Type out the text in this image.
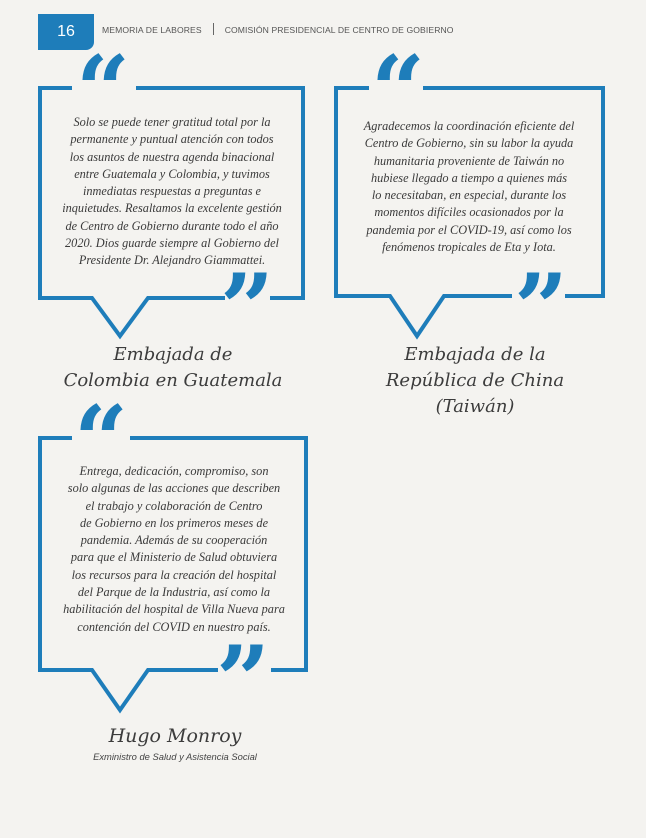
16	MEMORIA DE LABORES	COMISIÓN PRESIDENCIAL DE CENTRO DE GOBIERNO
“
”
“
”
“
”
Solo se puede tener gratitud total por la
permanente y puntual atención con todos
los asuntos de nuestra agenda binacional
entre Guatemala y Colombia, y tuvimos
inmediatas respuestas a preguntas e
inquietudes. Resaltamos la excelente gestión
de Centro de Gobierno durante todo el año
2020. Dios guarde siempre al Gobierno del
Presidente Dr. Alejandro Giammattei.
Embajada de
Colombia en Guatemala
Agradecemos la coordinación eficiente del
Centro de Gobierno, sin su labor la ayuda
humanitaria proveniente de Taiwán no
hubiese llegado a tiempo a quienes más
lo necesitaban, en especial, durante los
momentos difíciles ocasionados por la
pandemia por el COVID-19, así como los
fenómenos tropicales de Eta y Iota.
Embajada de la
República de China (Taiwán)
Entrega, dedicación, compromiso, son
solo algunas de las acciones que describen
el trabajo y colaboración de Centro
de Gobierno en los primeros meses de
pandemia. Además de su cooperación
para que el Ministerio de Salud obtuviera
los recursos para la creación del hospital
del Parque de la Industria, así como la
habilitación del hospital de Villa Nueva para
contención del COVID en nuestro país.
Hugo Monroy
Exministro de Salud y Asistencia Social
